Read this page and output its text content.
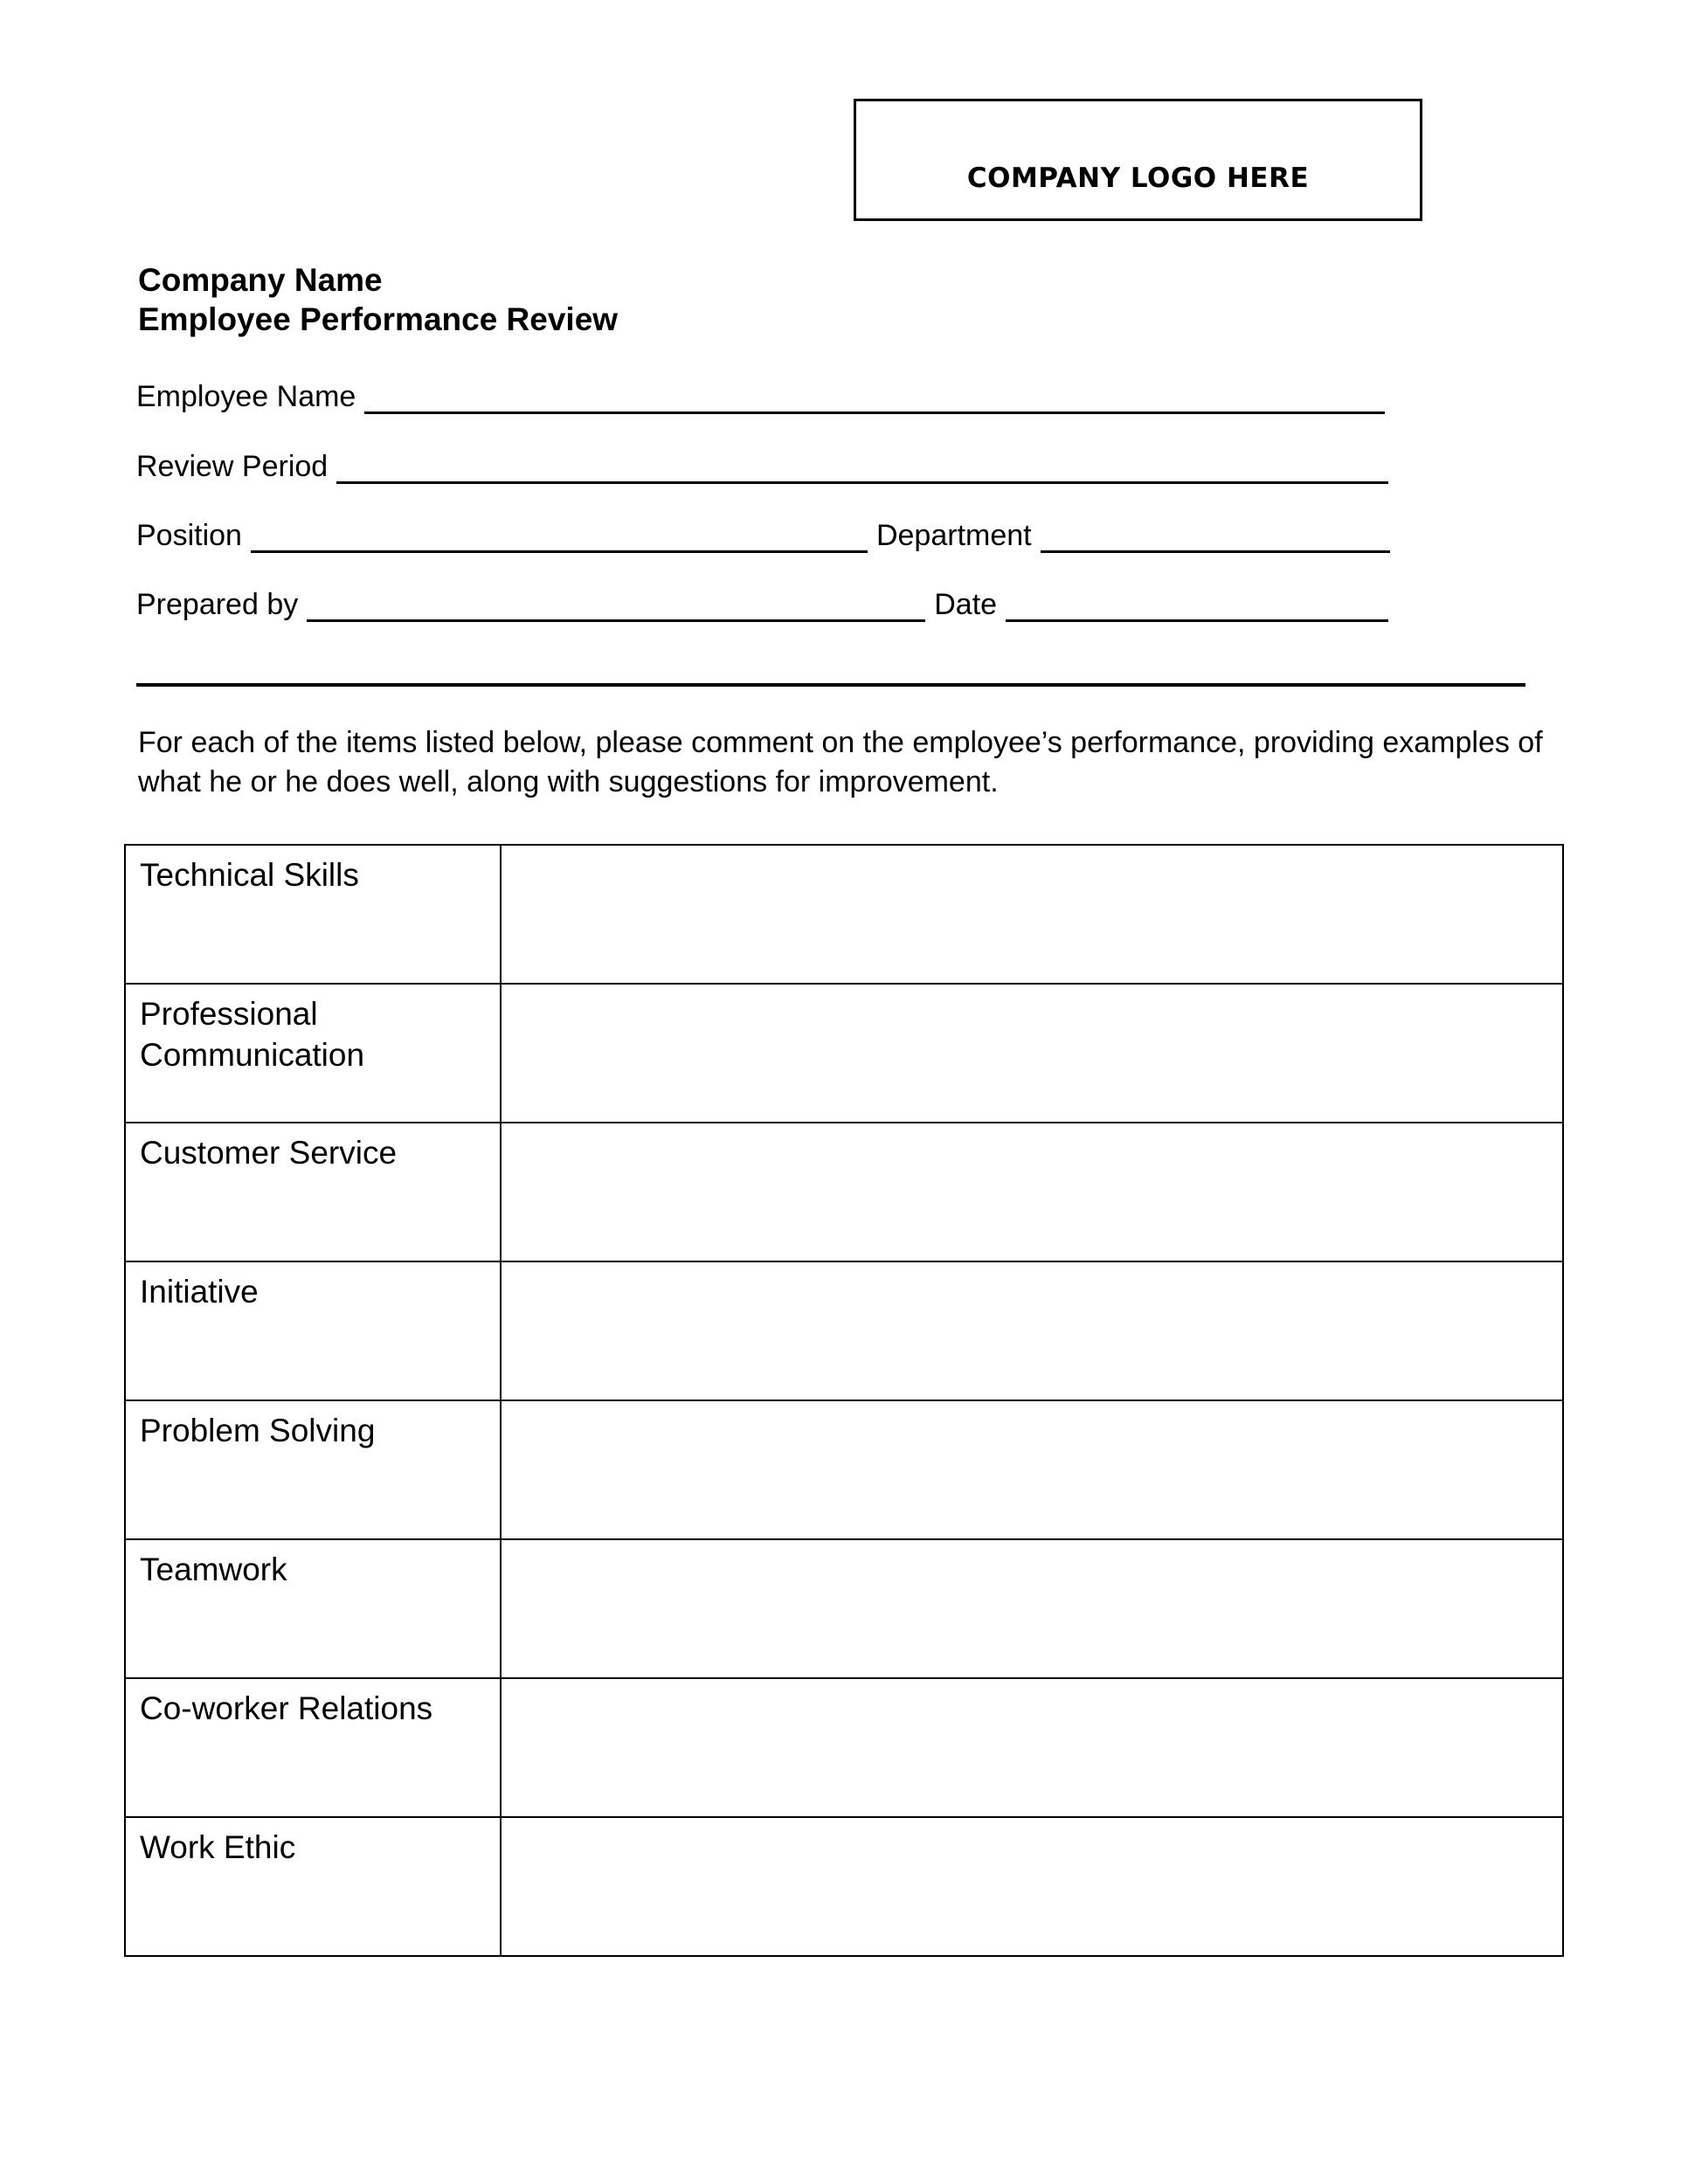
COMPANY LOGO HERE
Company Name
Employee Performance Review
Employee Name
Review Period
Position	Department
Prepared by	Date
For each of the items listed below, please comment on the employee’s performance, providing examples of what he or he does well, along with suggestions for improvement.
Technical Skills	
Professional Communication	
Customer Service	
Initiative	
Problem Solving	
Teamwork	
Co-worker Relations	
Work Ethic	
